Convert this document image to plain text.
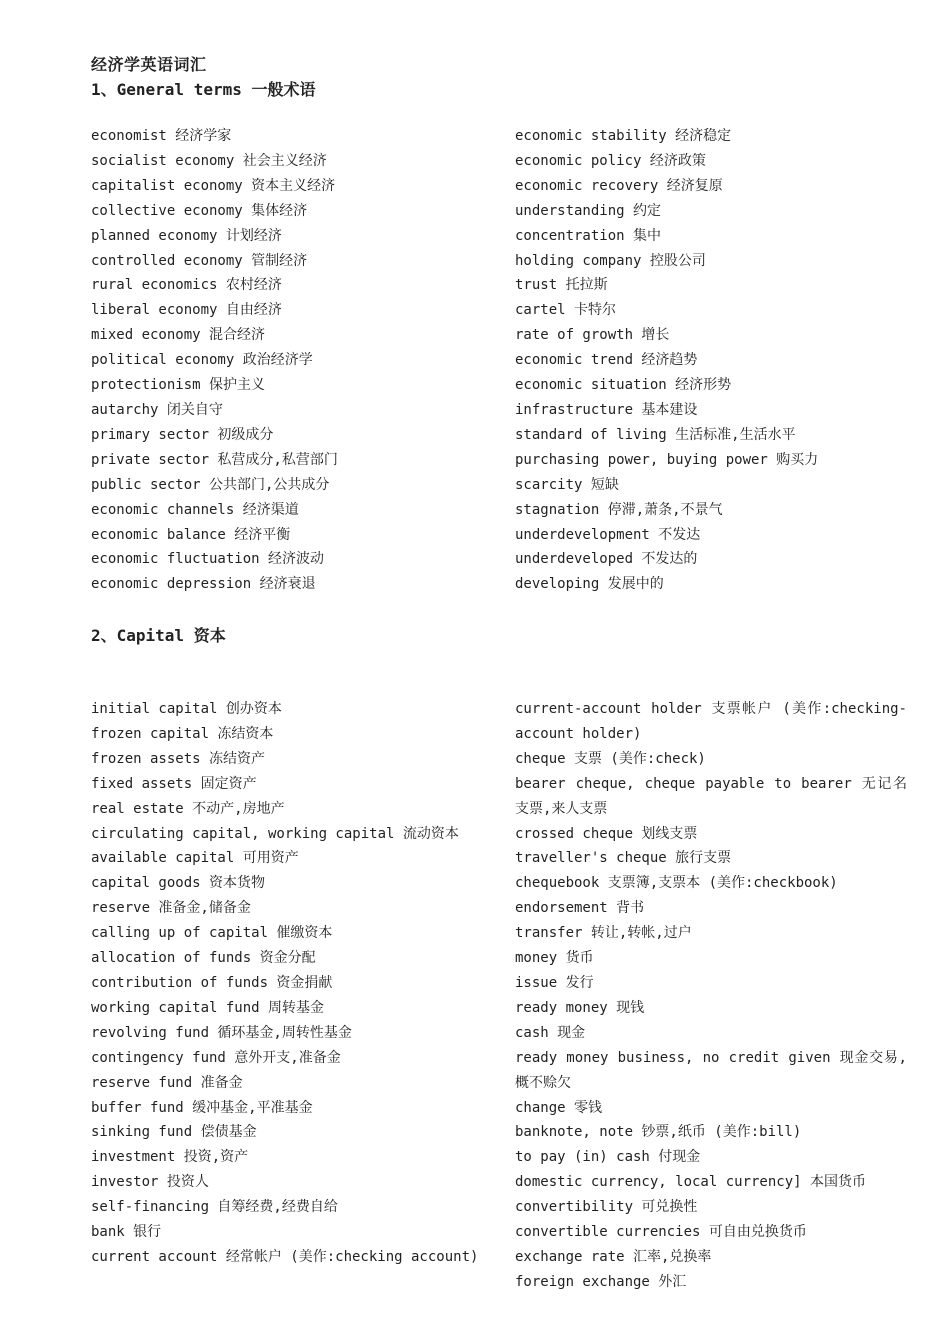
经济学英语词汇
1、General terms 一般术语
economist 经济学家
socialist economy 社会主义经济
capitalist economy 资本主义经济
collective economy 集体经济
planned economy 计划经济
controlled economy 管制经济
rural economics 农村经济
liberal economy 自由经济
mixed economy 混合经济
political economy 政治经济学
protectionism 保护主义
autarchy 闭关自守
primary sector 初级成分
private sector 私营成分,私营部门
public sector 公共部门,公共成分
economic channels 经济渠道
economic balance 经济平衡
economic fluctuation 经济波动
economic depression 经济衰退
economic stability 经济稳定
economic policy 经济政策
economic recovery 经济复原
understanding 约定
concentration 集中
holding company 控股公司
trust 托拉斯
cartel 卡特尔
rate of growth 增长
economic trend 经济趋势
economic situation 经济形势
infrastructure 基本建设
standard of living 生活标准,生活水平
purchasing power, buying power 购买力
scarcity 短缺
stagnation 停滞,萧条,不景气
underdevelopment 不发达
underdeveloped 不发达的
developing 发展中的
2、Capital 资本
initial capital 创办资本
frozen capital 冻结资本
frozen assets 冻结资产
fixed assets 固定资产
real estate 不动产,房地产
circulating capital, working capital 流动资本
available capital 可用资产
capital goods 资本货物
reserve 准备金,储备金
calling up of capital 催缴资本
allocation of funds 资金分配
contribution of funds 资金捐献
working capital fund 周转基金
revolving fund 循环基金,周转性基金
contingency fund 意外开支,准备金
reserve fund 准备金
buffer fund 缓冲基金,平准基金
sinking fund 偿债基金
investment 投资,资产
investor 投资人
self-financing 自筹经费,经费自给
bank 银行
current account 经常帐户 (美作:checking account)
current-account holder 支票帐户 (美作:checking-account holder)
cheque 支票 (美作:check)
bearer cheque, cheque payable to bearer 无记名支票,来人支票
crossed cheque 划线支票
traveller's cheque 旅行支票
chequebook 支票簿,支票本 (美作:checkbook)
endorsement 背书
transfer 转让,转帐,过户
money 货币
issue 发行
ready money 现钱
cash 现金
ready money business, no credit given 现金交易,概不赊欠
change 零钱
banknote, note 钞票,纸币 (美作:bill)
to pay (in) cash 付现金
domestic currency, local currency] 本国货币
convertibility 可兑换性
convertible currencies 可自由兑换货币
exchange rate 汇率,兑换率
foreign exchange 外汇
